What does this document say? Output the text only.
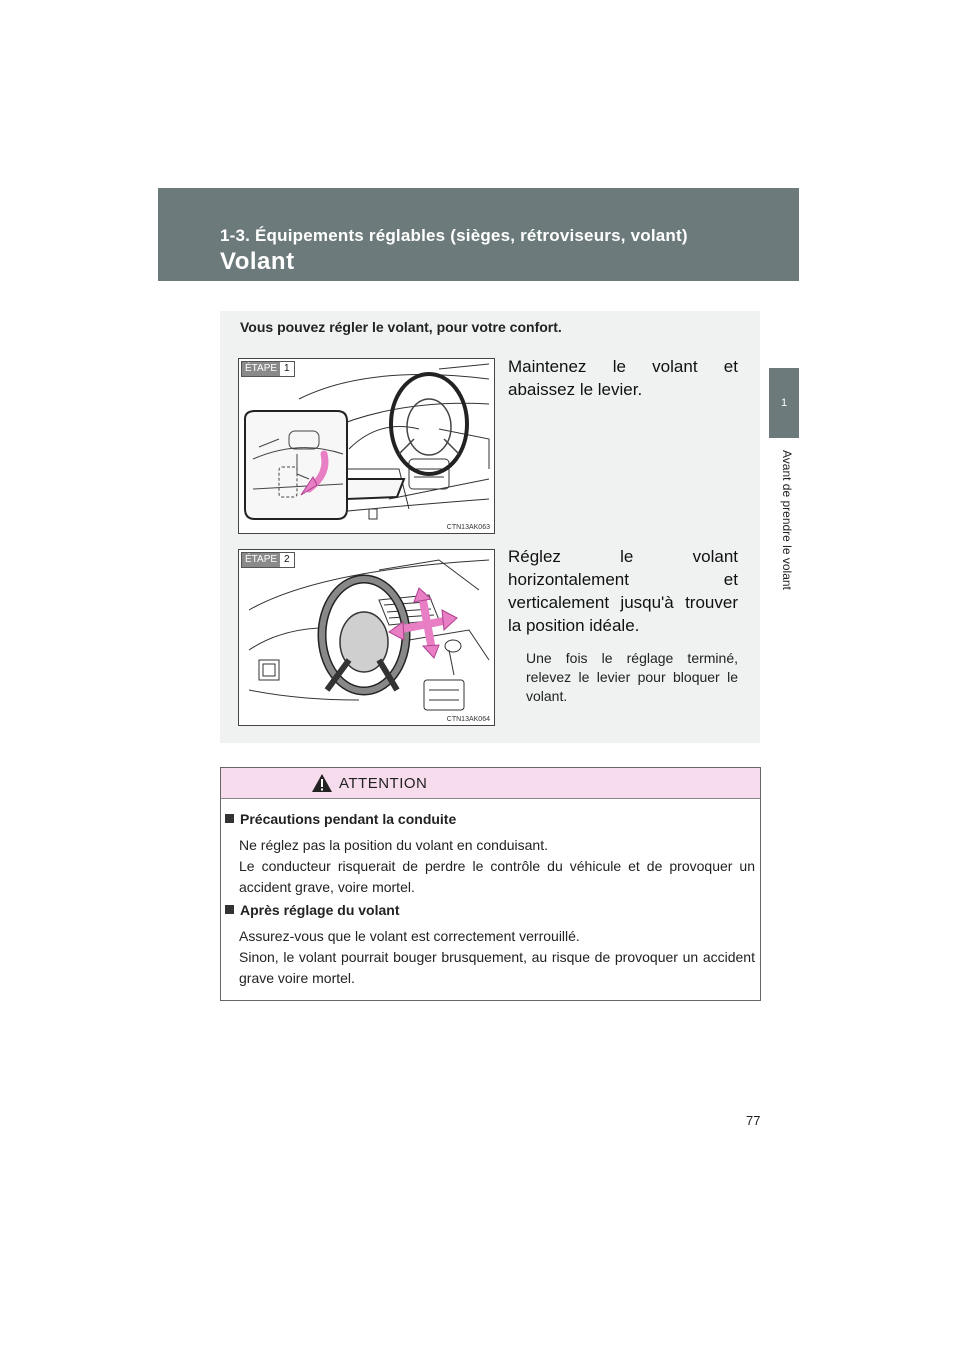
1-3. Équipements réglables (sièges, rétroviseurs, volant)
Volant
1
Avant de prendre le volant
Vous pouvez régler le volant, pour votre confort.
ÉTAPE 1
CTN13AK063
Maintenez le volant et abaissez le levier.
ÉTAPE 2
CTN13AK064
Réglez le volant horizontalement et verticalement jusqu'à trouver la position idéale.
Une fois le réglage terminé, relevez le levier pour bloquer le volant.
ATTENTION
Précautions pendant la conduite
Ne réglez pas la position du volant en conduisant.
Le conducteur risquerait de perdre le contrôle du véhicule et de provoquer un accident grave, voire mortel.
Après réglage du volant
Assurez-vous que le volant est correctement verrouillé.
Sinon, le volant pourrait bouger brusquement, au risque de provoquer un accident grave voire mortel.
77
